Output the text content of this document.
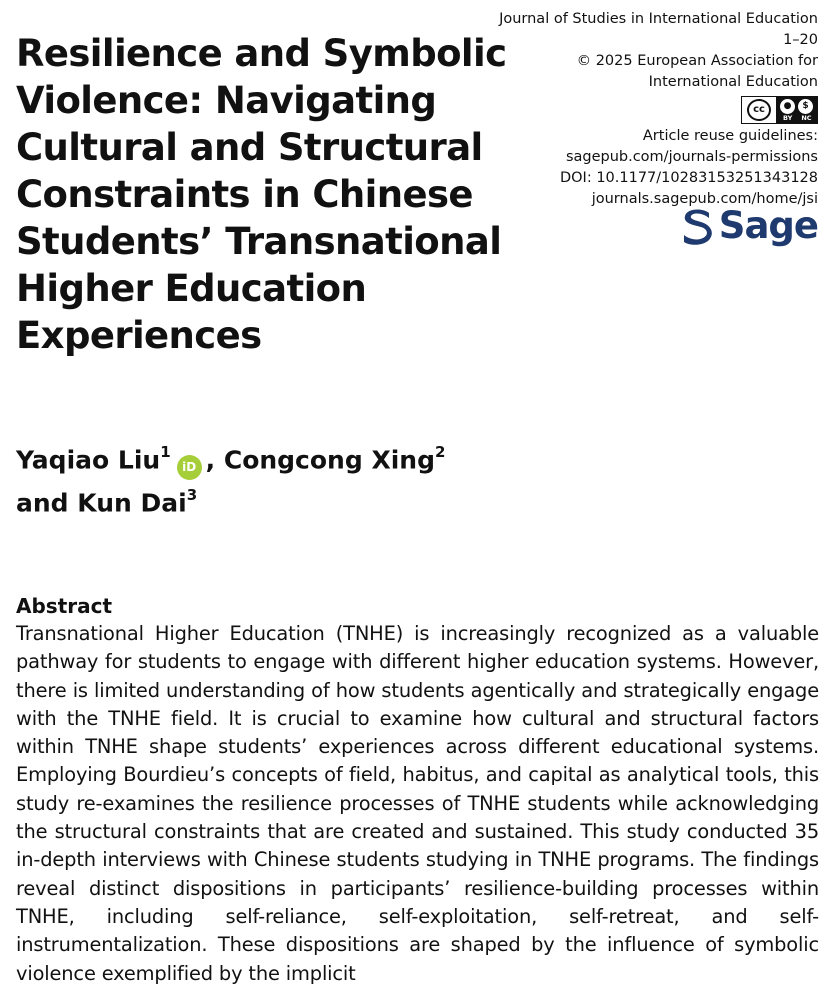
Resilience and Symbolic Violence: Navigating Cultural and Structural Constraints in Chinese Students’ Transnational Higher Education Experiences
Journal of Studies in International Education
1–20
© 2025 European Association for
International Education
cc	●	$
BY NC
Article reuse guidelines:
sagepub.com/journals-permissions
DOI: 10.1177/10283153251343128
journals.sagepub.com/home/jsi
Sage
Yaqiao Liu$^1$iD , Congcong Xing$^2$
and Kun Dai$^3$
Abstract
Transnational Higher Education (TNHE) is increasingly recognized as a valuable pathway for students to engage with different higher education systems. However, there is limited understanding of how students agentically and strategically engage with the TNHE field. It is crucial to examine how cultural and structural factors within TNHE shape students’ experiences across different educational systems. Employing Bourdieu’s concepts of field, habitus, and capital as analytical tools, this study re-examines the resilience processes of TNHE students while acknowledging the structural constraints that are created and sustained. This study conducted 35 in-depth interviews with Chinese students studying in TNHE programs. The findings reveal distinct dispositions in participants’ resilience-building processes within TNHE, including self-reliance, self-exploitation, self-retreat, and self-instrumentalization. These dispositions are shaped by the influence of symbolic violence exemplified by the implicit
